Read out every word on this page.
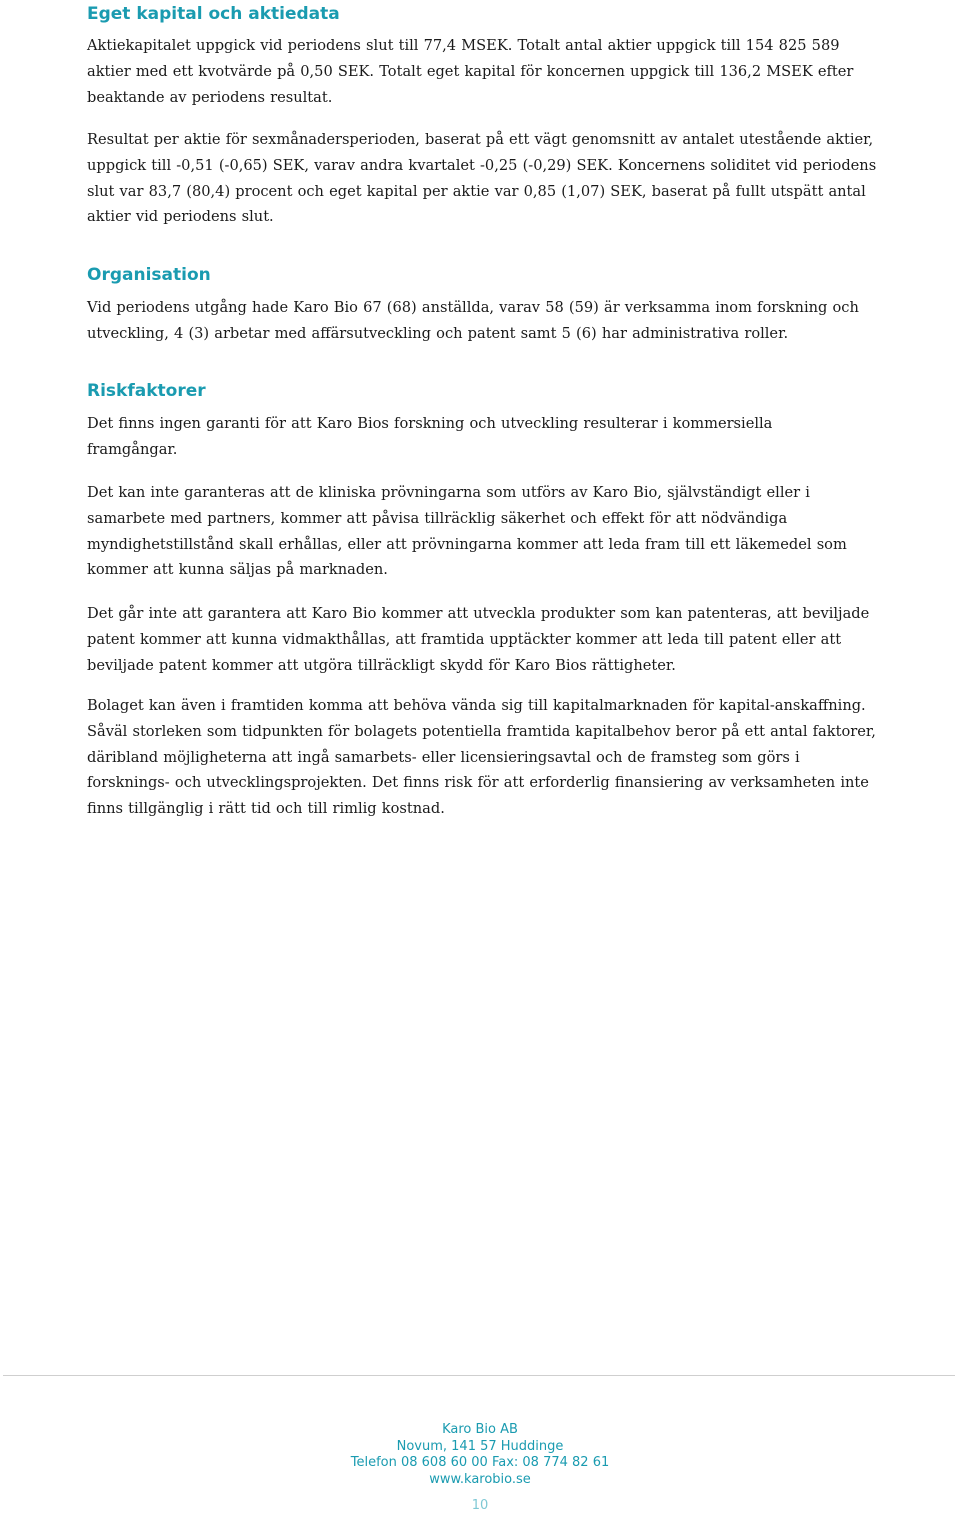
Eget kapital och aktiedata

Aktiekapitalet uppgick vid periodens slut till 77,4 MSEK. Totalt antal aktier uppgick till 154 825 589 aktier med ett kvotvärde på 0,50 SEK. Totalt eget kapital för koncernen uppgick till 136,2 MSEK efter beaktande av periodens resultat.

Resultat per aktie för sexmånadersperioden, baserat på ett vägt genomsnitt av antalet utestående aktier, uppgick till -0,51 (-0,65) SEK, varav andra kvartalet -0,25 (-0,29) SEK. Koncernens soliditet vid periodens slut var 83,7 (80,4) procent och eget kapital per aktie var 0,85 (1,07) SEK, baserat på fullt utspätt antal aktier vid periodens slut.

Organisation

Vid periodens utgång hade Karo Bio 67 (68) anställda, varav 58 (59) är verksamma inom forskning och utveckling, 4 (3) arbetar med affärsutveckling och patent samt 5 (6) har administrativa roller.

Riskfaktorer

Det finns ingen garanti för att Karo Bios forskning och utveckling resulterar i kommersiella framgångar.

Det kan inte garanteras att de kliniska prövningarna som utförs av Karo Bio, självständigt eller i samarbete med partners, kommer att påvisa tillräcklig säkerhet och effekt för att nödvändiga myndighetstillstånd skall erhållas, eller att prövningarna kommer att leda fram till ett läkemedel som kommer att kunna säljas på marknaden.

Det går inte att garantera att Karo Bio kommer att utveckla produkter som kan patenteras, att beviljade patent kommer att kunna vidmakthållas, att framtida upptäckter kommer att leda till patent eller att beviljade patent kommer att utgöra tillräckligt skydd för Karo Bios rättigheter.

Bolaget kan även i framtiden komma att behöva vända sig till kapitalmarknaden för kapital-anskaffning. Såväl storleken som tidpunkten för bolagets potentiella framtida kapitalbehov beror på ett antal faktorer, däribland möjligheterna att ingå samarbets- eller licensieringsavtal och de framsteg som görs i forsknings- och utvecklingsprojekten. Det finns risk för att erforderlig finansiering av verksamheten inte finns tillgänglig i rätt tid och till rimlig kostnad.

Karo Bio AB
Novum, 141 57 Huddinge
Telefon 08 608 60 00 Fax: 08 774 82 61
www.karobio.se
10
